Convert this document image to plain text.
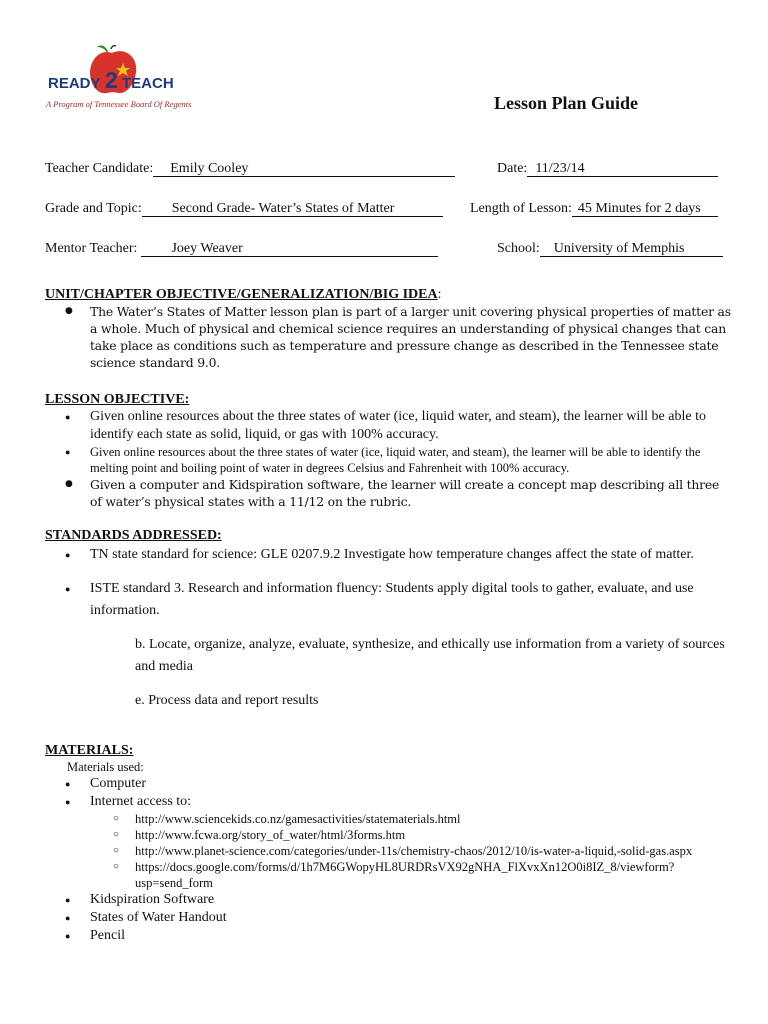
READY 2 TEACH
A Program of Tennessee Board Of Regents	Lesson Plan Guide
Teacher Candidate: Emily Cooley	Date: 11/23/14
Grade and Topic: Second Grade- Water’s States of Matter	Length of Lesson: 45 Minutes for 2 days
Mentor Teacher: Joey Weaver	School: University of Memphis
UNIT/CHAPTER OBJECTIVE/GENERALIZATION/BIG IDEA:
● The Water’s States of Matter lesson plan is part of a larger unit covering physical properties of matter as a whole. Much of physical and chemical science requires an understanding of physical changes that can take place as conditions such as temperature and pressure change as described in the Tennessee state science standard 9.0.
LESSON OBJECTIVE:
● Given online resources about the three states of water (ice, liquid water, and steam), the learner will be able to identify each state as solid, liquid, or gas with 100% accuracy.
● Given online resources about the three states of water (ice, liquid water, and steam), the learner will be able to identify the melting point and boiling point of water in degrees Celsius and Fahrenheit with 100% accuracy.
● Given a computer and Kidspiration software, the learner will create a concept map describing all three of water’s physical states with a 11/12 on the rubric.
STANDARDS ADDRESSED:
● TN state standard for science: GLE 0207.9.2 Investigate how temperature changes affect the state of matter.
● ISTE standard 3. Research and information fluency: Students apply digital tools to gather, evaluate, and use information.
b. Locate, organize, analyze, evaluate, synthesize, and ethically use information from a variety of sources and media
e. Process data and report results
MATERIALS:
Materials used:
● Computer
● Internet access to:
○ http://www.sciencekids.co.nz/gamesactivities/statematerials.html
○ http://www.fcwa.org/story_of_water/html/3forms.htm
○ http://www.planet-science.com/categories/under-11s/chemistry-chaos/2012/10/is-water-a-liquid,-solid-gas.aspx
○ https://docs.google.com/forms/d/1h7M6GWopyHL8URDRsVX92gNHA_FlXvxXn12O0i8IZ_8/viewform?usp=send_form
● Kidspiration Software
● States of Water Handout
● Pencil
